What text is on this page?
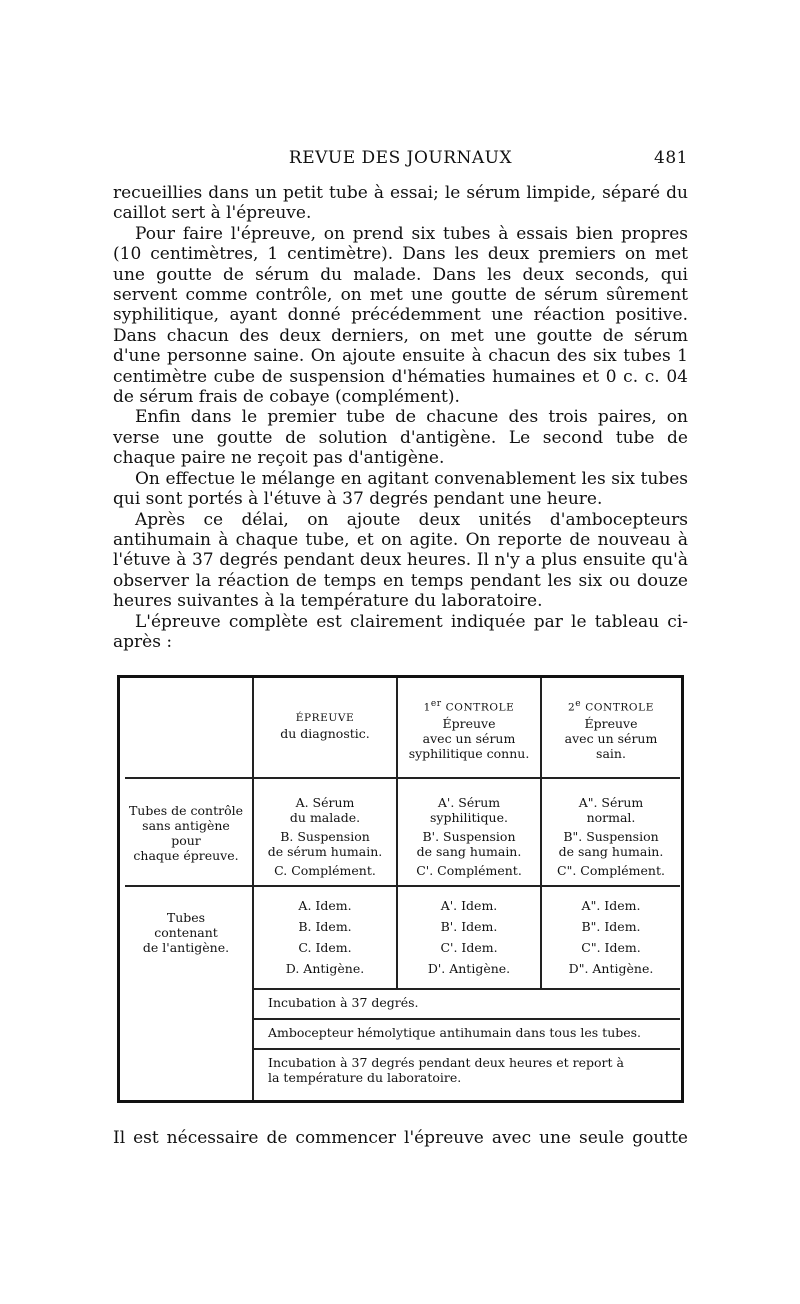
REVUE DES JOURNAUX	481

recueillies dans un petit tube à essai; le sérum limpide, séparé du caillot sert à l'épreuve.

Pour faire l'épreuve, on prend six tubes à essais bien propres (10 centimètres, 1 centimètre). Dans les deux premiers on met une goutte de sérum du malade. Dans les deux seconds, qui servent comme contrôle, on met une goutte de sérum sûrement syphilitique, ayant donné précédemment une réaction positive. Dans chacun des deux derniers, on met une goutte de sérum d'une personne saine. On ajoute ensuite à chacun des six tubes 1 centimètre cube de suspension d'hématies humaines et 0 c. c. 04 de sérum frais de cobaye (complément).

Enfin dans le premier tube de chacune des trois paires, on verse une goutte de solution d'antigène. Le second tube de chaque paire ne reçoit pas d'antigène.

On effectue le mélange en agitant convenablement les six tubes qui sont portés à l'étuve à 37 degrés pendant une heure.

Après ce délai, on ajoute deux unités d'ambocepteurs antihumain à chaque tube, et on agite. On reporte de nouveau à l'étuve à 37 degrés pendant deux heures. Il n'y a plus ensuite qu'à observer la réaction de temps en temps pendant les six ou douze heures suivantes à la température du laboratoire.

L'épreuve complète est clairement indiquée par le tableau ci-après :

ÉPREUVE
du diagnostic.
1er CONTROLE
Épreuve
avec un sérum
syphilitique connu.
2e CONTROLE
Épreuve
avec un sérum
sain.
Tubes de contrôle
sans antigène
pour
chaque épreuve.
A. Sérum
du malade.
B. Suspension
de sérum humain.
C. Complément.
A'. Sérum
syphilitique.
B'. Suspension
de sang humain.
C'. Complément.
A". Sérum
normal.
B". Suspension
de sang humain.
C". Complément.
Tubes
contenant
de l'antigène.
A. Idem.
B. Idem.
C. Idem.
D. Antigène.
A'. Idem.
B'. Idem.
C'. Idem.
D'. Antigène.
A". Idem.
B". Idem.
C". Idem.
D". Antigène.
Incubation à 37 degrés.
Ambocepteur hémolytique antihumain dans tous les tubes.
Incubation à 37 degrés pendant deux heures et report à
la température du laboratoire.
Il est nécessaire de commencer l'épreuve avec une seule goutte
